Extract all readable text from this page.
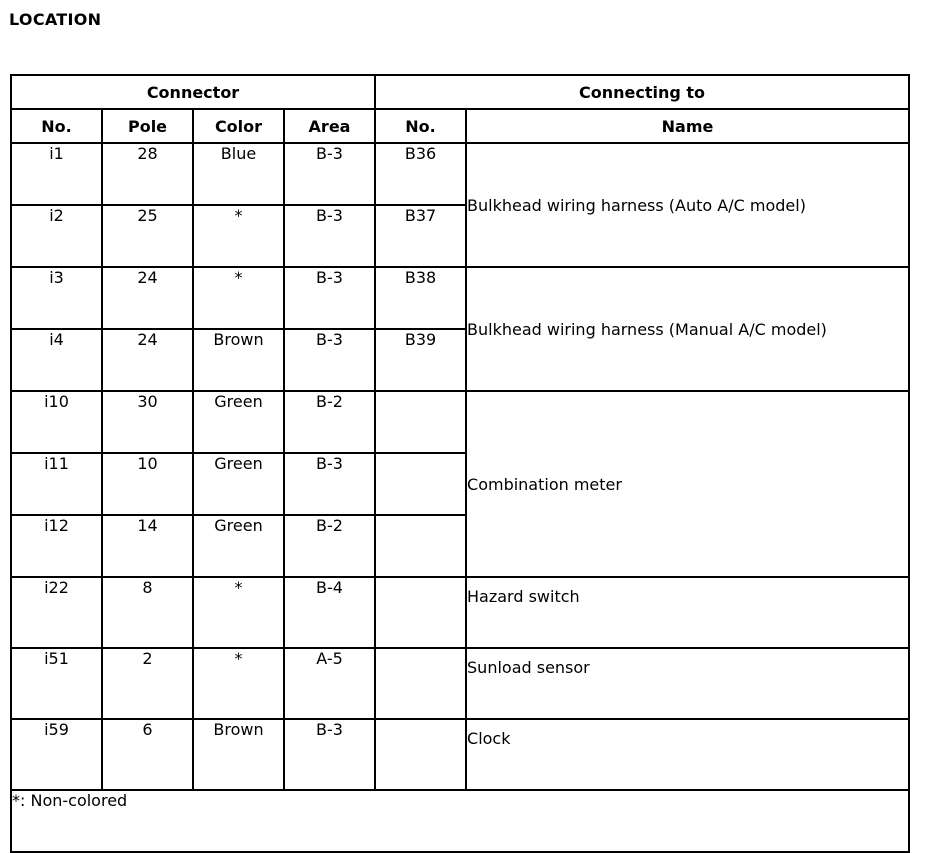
LOCATION
Connector				Connecting to	
No.	Pole	Color	Area	No.	Name
i1	28	Blue	B-3	B36	Bulkhead wiring harness (Auto A/C model)
i2	25	*	B-3	B37	
i3	24	*	B-3	B38	Bulkhead wiring harness (Manual A/C model)
i4	24	Brown	B-3	B39	
i10	30	Green	B-2		Combination meter
i11	10	Green	B-3		
i12	14	Green	B-2		
i22	8	*	B-4		Hazard switch
i51	2	*	A-5		Sunload sensor
i59	6	Brown	B-3		Clock
*: Non-colored					
